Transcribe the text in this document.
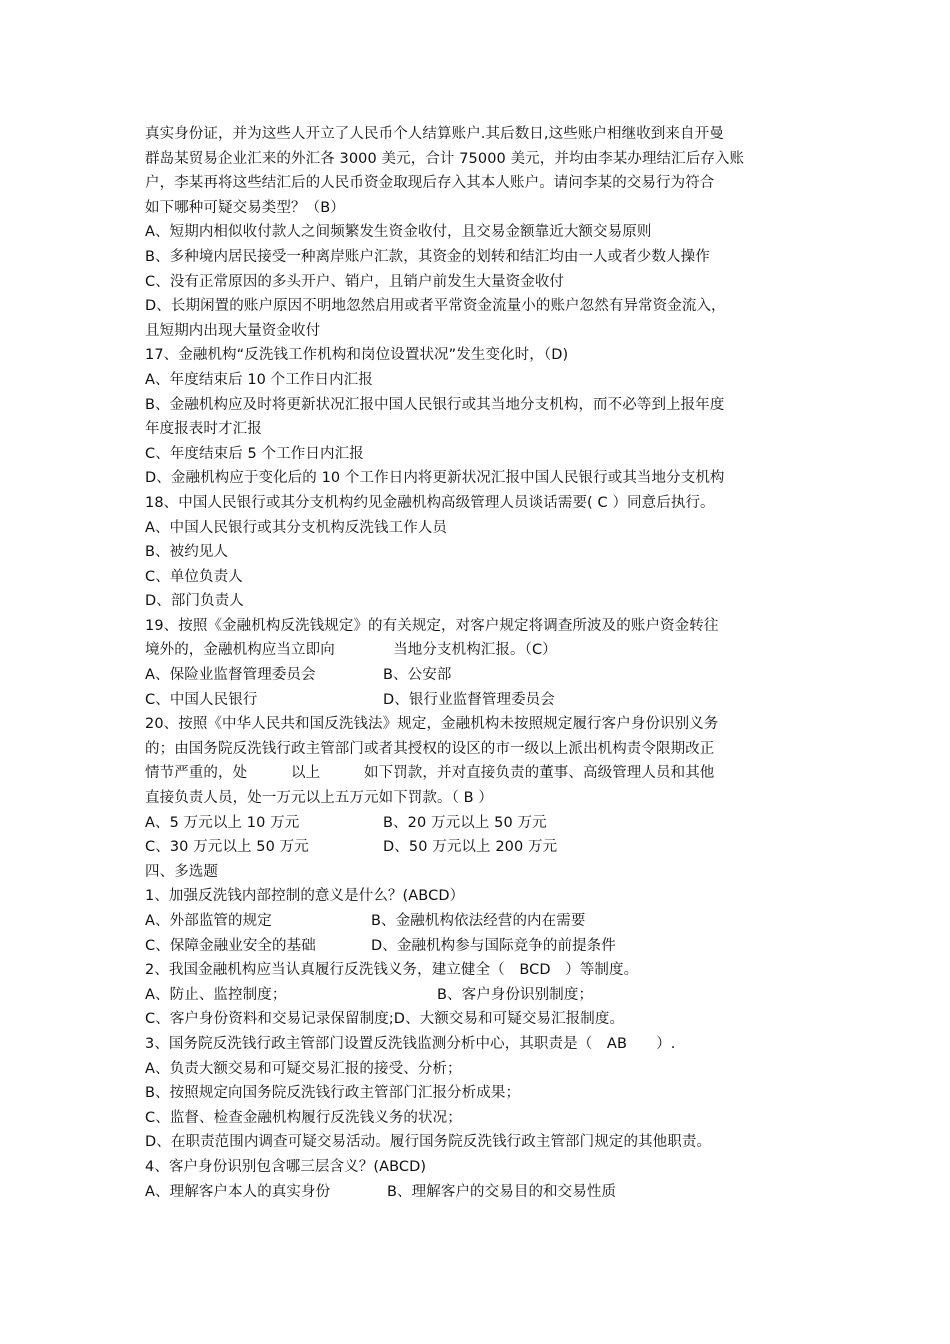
真实身份证，并为这些人开立了人民币个人结算账户.其后数日,这些账户相继收到来自开曼
群岛某贸易企业汇来的外汇各 3000 美元，合计 75000 美元，并均由李某办理结汇后存入账
户，李某再将这些结汇后的人民币资金取现后存入其本人账户。请问李某的交易行为符合
如下哪种可疑交易类型？（B）
A、短期内相似收付款人之间频繁发生资金收付，且交易金额靠近大额交易原则
B、多种境内居民接受一种离岸账户汇款，其资金的划转和结汇均由一人或者少数人操作
C、没有正常原因的多头开户、销户，且销户前发生大量资金收付
D、长期闲置的账户原因不明地忽然启用或者平常资金流量小的账户忽然有异常资金流入，
且短期内出现大量资金收付
17、金融机构“反洗钱工作机构和岗位设置状况”发生变化时，（D)
A、年度结束后 10 个工作日内汇报
B、金融机构应及时将更新状况汇报中国人民银行或其当地分支机构，而不必等到上报年度
年度报表时才汇报
C、年度结束后 5 个工作日内汇报
D、金融机构应于变化后的 10 个工作日内将更新状况汇报中国人民银行或其当地分支机构
18、中国人民银行或其分支机构约见金融机构高级管理人员谈话需要( C ）同意后执行。
A、中国人民银行或其分支机构反洗钱工作人员
B、被约见人
C、单位负责人
D、部门负责人
19、按照《金融机构反洗钱规定》的有关规定，对客户规定将调查所波及的账户资金转往
境外的，金融机构应当立即向　　　　当地分支机构汇报。（C）
A、保险业监督管理委员会	B、公安部
C、中国人民银行	D、银行业监督管理委员会
20、按照《中华人民共和国反洗钱法》规定，金融机构未按照规定履行客户身份识别义务
的；由国务院反洗钱行政主管部门或者其授权的设区的市一级以上派出机构责令限期改正
情节严重的，处　　　以上　　　如下罚款，并对直接负责的董事、高级管理人员和其他
直接负责人员，处一万元以上五万元如下罚款。（ B ）
A、5 万元以上 10 万元	B、20 万元以上 50 万元
C、30 万元以上 50 万元	D、50 万元以上 200 万元
四、多选题
1、加强反洗钱内部控制的意义是什么？(ABCD）
A、外部监管的规定	B、金融机构依法经营的内在需要
C、保障金融业安全的基础	D、金融机构参与国际竞争的前提条件
2、我国金融机构应当认真履行反洗钱义务，建立健全（　BCD　）等制度。
A、防止、监控制度；	B、客户身份识别制度；
C、客户身份资料和交易记录保留制度;D、大额交易和可疑交易汇报制度。
3、国务院反洗钱行政主管部门设置反洗钱监测分析中心，其职责是（　AB　　）.
A、负责大额交易和可疑交易汇报的接受、分析；
B、按照规定向国务院反洗钱行政主管部门汇报分析成果；
C、监督、检查金融机构履行反洗钱义务的状况；
D、在职责范围内调查可疑交易活动。履行国务院反洗钱行政主管部门规定的其他职责。
4、客户身份识别包含哪三层含义？(ABCD)
A、理解客户本人的真实身份	B、理解客户的交易目的和交易性质
